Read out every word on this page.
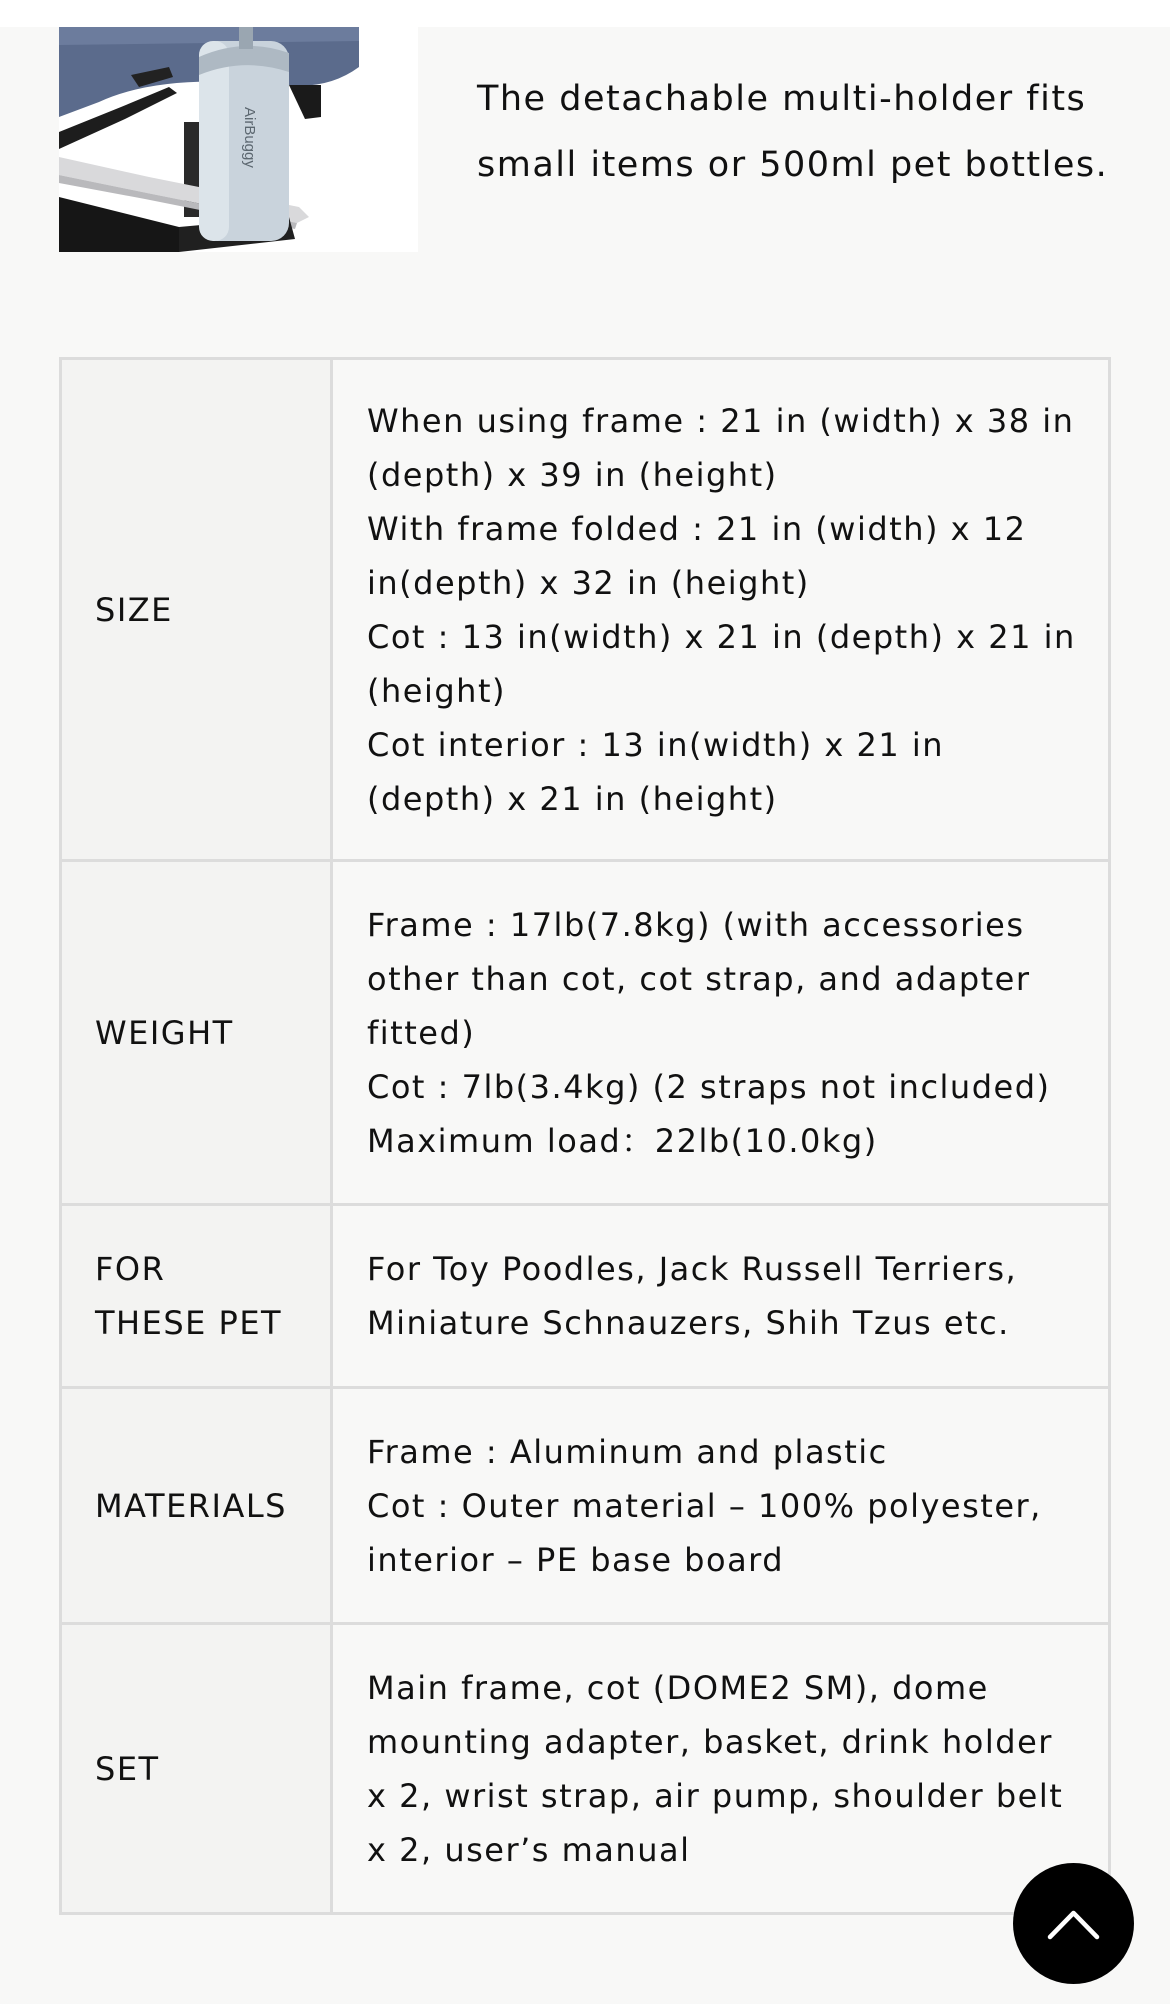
AirBuggy

The detachable multi-holder fits small items or 500ml pet bottles.

SIZE	When using frame : 21 in (width) x 38 in (depth) x 39 in (height)
With frame folded : 21 in (width) x 12 in(depth) x 32 in (height)
Cot : 13 in(width) x 21 in (depth) x 21 in (height)
Cot interior : 13 in(width) x 21 in (depth) x 21 in (height)

WEIGHT	Frame : 17lb(7.8kg) (with accessories other than cot, cot strap, and adapter fitted)
Cot : 7lb(3.4kg) (2 straps not included)
Maximum load：22lb(10.0kg)

FOR
THESE PET	For Toy Poodles, Jack Russell Terriers, Miniature Schnauzers, Shih Tzus etc.

MATERIALS	Frame : Aluminum and plastic
Cot : Outer material – 100% polyester, interior – PE base board

SET	Main frame, cot (DOME2 SM), dome mounting adapter, basket, drink holder x 2, wrist strap, air pump, shoulder belt x 2, user’s manual
